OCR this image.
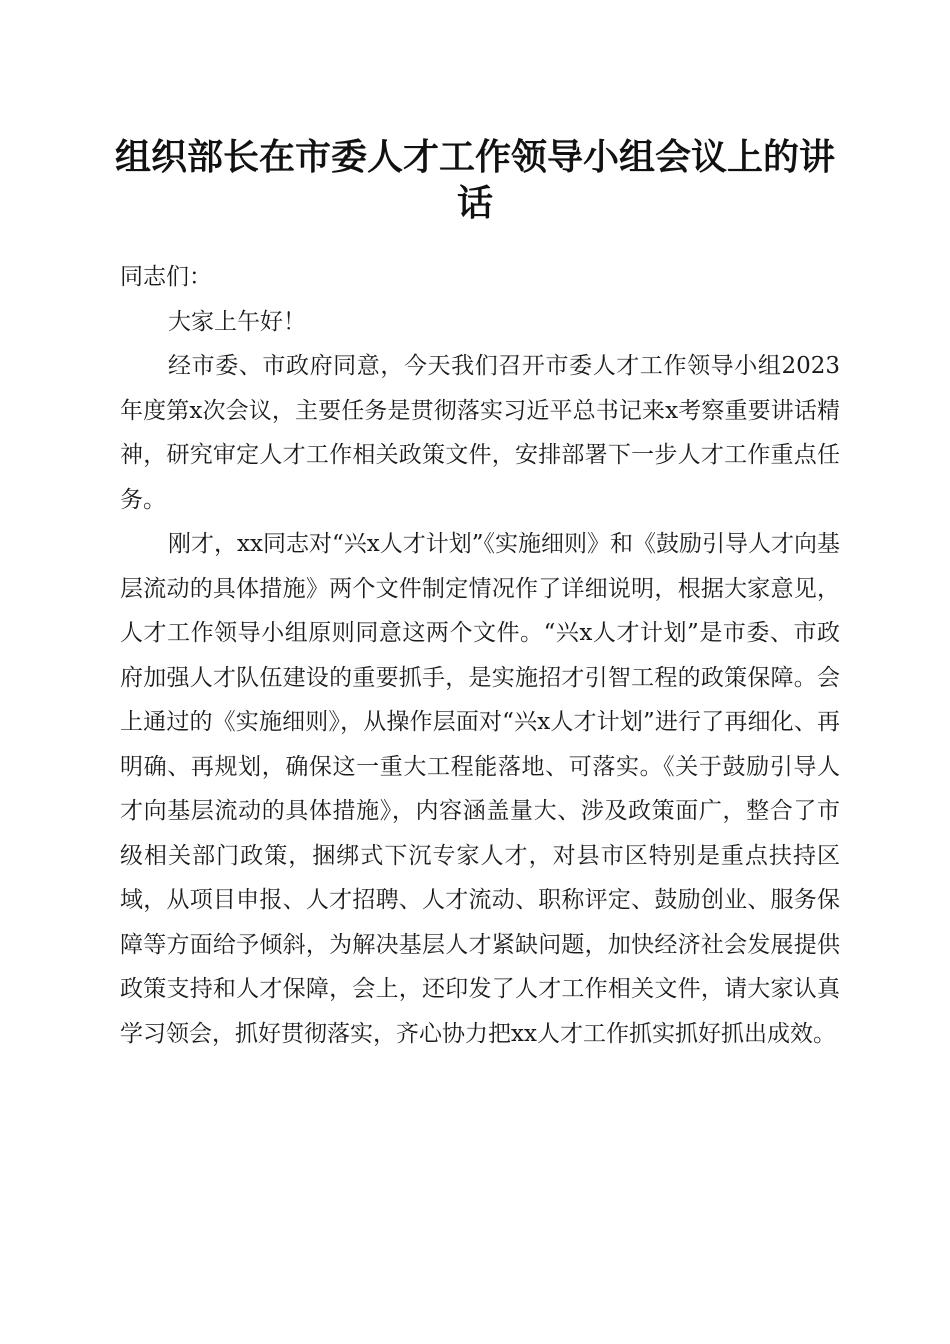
组织部长在市委人才工作领导小组会议上的讲话

同志们：

大家上午好！

经市委、市政府同意，今天我们召开市委人才工作领导小组2023年度第x次会议，主要任务是贯彻落实习近平总书记来x考察重要讲话精神，研究审定人才工作相关政策文件，安排部署下一步人才工作重点任务。

刚才，xx同志对“兴x人才计划”《实施细则》和《鼓励引导人才向基层流动的具体措施》两个文件制定情况作了详细说明，根据大家意见，人才工作领导小组原则同意这两个文件。“兴x人才计划”是市委、市政府加强人才队伍建设的重要抓手，是实施招才引智工程的政策保障。会上通过的《实施细则》，从操作层面对“兴x人才计划”进行了再细化、再明确、再规划，确保这一重大工程能落地、可落实。《关于鼓励引导人才向基层流动的具体措施》，内容涵盖量大、涉及政策面广，整合了市级相关部门政策，捆绑式下沉专家人才，对县市区特别是重点扶持区域，从项目申报、人才招聘、人才流动、职称评定、鼓励创业、服务保障等方面给予倾斜，为解决基层人才紧缺问题，加快经济社会发展提供政策支持和人才保障，会上，还印发了人才工作相关文件，请大家认真学习领会，抓好贯彻落实，齐心协力把xx人才工作抓实抓好抓出成效。
